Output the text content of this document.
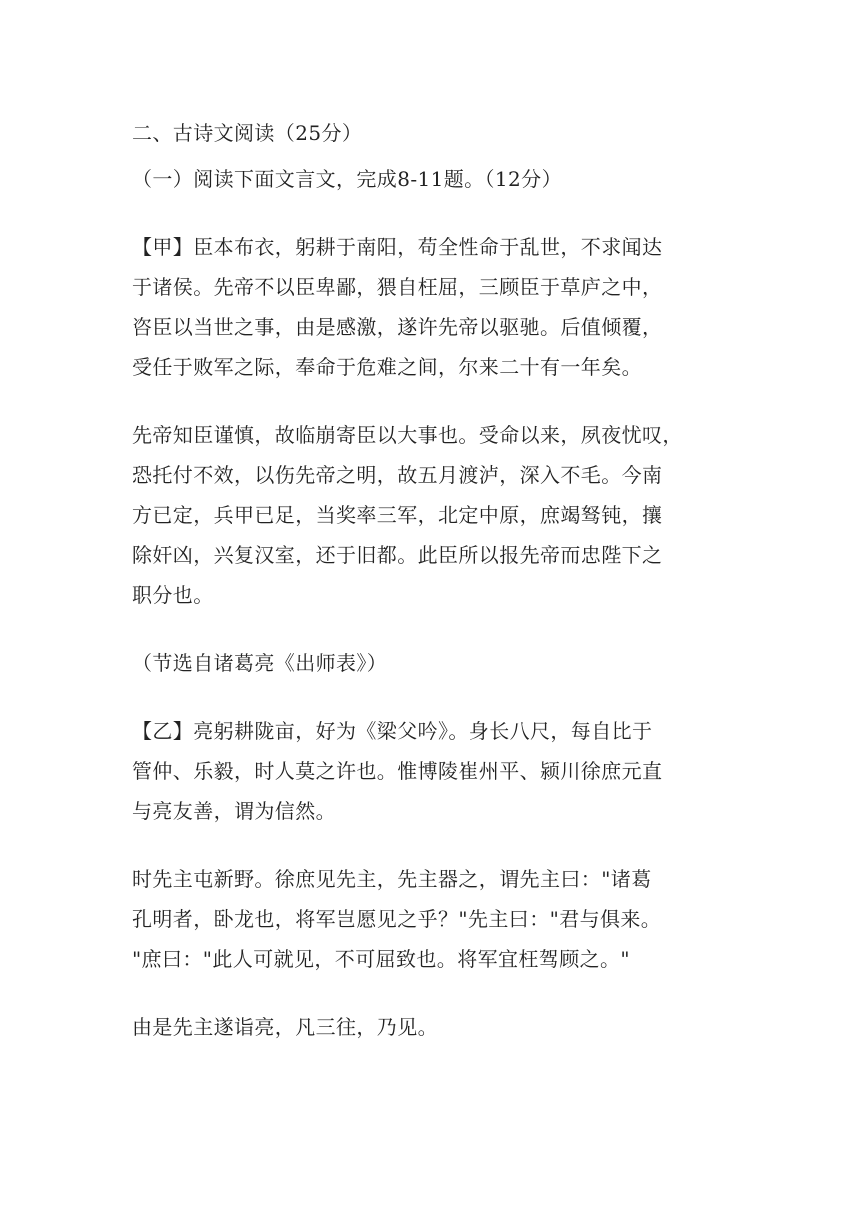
二、古诗文阅读（25分）
（一）阅读下面文言文，完成8-11题。（12分）
【甲】臣本布衣，躬耕于南阳，苟全性命于乱世，不求闻达
于诸侯。先帝不以臣卑鄙，猥自枉屈，三顾臣于草庐之中，
咨臣以当世之事，由是感激，遂许先帝以驱驰。后值倾覆，
受任于败军之际，奉命于危难之间，尔来二十有一年矣。
先帝知臣谨慎，故临崩寄臣以大事也。受命以来，夙夜忧叹，
恐托付不效，以伤先帝之明，故五月渡泸，深入不毛。今南
方已定，兵甲已足，当奖率三军，北定中原，庶竭驽钝，攘
除奸凶，兴复汉室，还于旧都。此臣所以报先帝而忠陛下之
职分也。
（节选自诸葛亮《出师表》）
【乙】亮躬耕陇亩，好为《梁父吟》。身长八尺，每自比于
管仲、乐毅，时人莫之许也。惟博陵崔州平、颍川徐庶元直
与亮友善，谓为信然。
时先主屯新野。徐庶见先主，先主器之，谓先主曰："诸葛
孔明者，卧龙也，将军岂愿见之乎？"先主曰："君与俱来。
"庶曰："此人可就见，不可屈致也。将军宜枉驾顾之。"
由是先主遂诣亮，凡三往，乃见。
